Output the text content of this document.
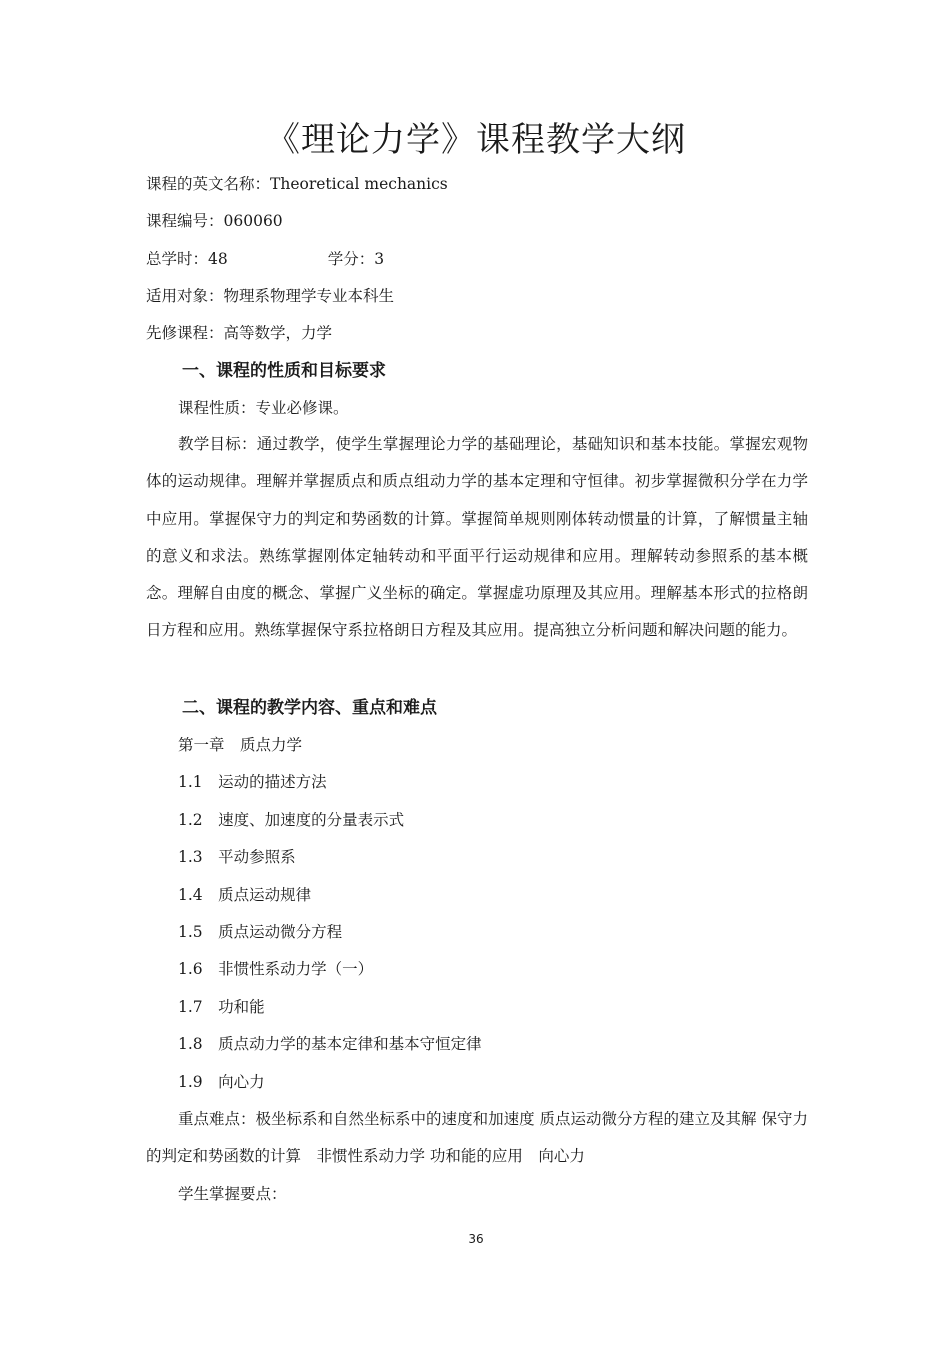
《理论力学》课程教学大纲
课程的英文名称：Theoretical mechanics
课程编号：060060
总学时：48	学分：3
适用对象：物理系物理学专业本科生
先修课程：高等数学，力学
一、课程的性质和目标要求
课程性质：专业必修课。

教学目标：通过教学，使学生掌握理论力学的基础理论，基础知识和基本技能。掌握宏观物体的运动规律。理解并掌握质点和质点组动力学的基本定理和守恒律。初步掌握微积分学在力学中应用。掌握保守力的判定和势函数的计算。掌握简单规则刚体转动惯量的计算，了解惯量主轴的意义和求法。熟练掌握刚体定轴转动和平面平行运动规律和应用。理解转动参照系的基本概念。理解自由度的概念、掌握广义坐标的确定。掌握虚功原理及其应用。理解基本形式的拉格朗日方程和应用。熟练掌握保守系拉格朗日方程及其应用。提高独立分析问题和解决问题的能力。

二、课程的教学内容、重点和难点
第一章　质点力学
1.1　运动的描述方法
1.2　速度、加速度的分量表示式
1.3　平动参照系
1.4　质点运动规律
1.5　质点运动微分方程
1.6　非惯性系动力学（一）
1.7　功和能
1.8　质点动力学的基本定律和基本守恒定律
1.9　向心力

重点难点：极坐标系和自然坐标系中的速度和加速度 质点运动微分方程的建立及其解 保守力的判定和势函数的计算　非惯性系动力学 功和能的应用　向心力

学生掌握要点：
36
